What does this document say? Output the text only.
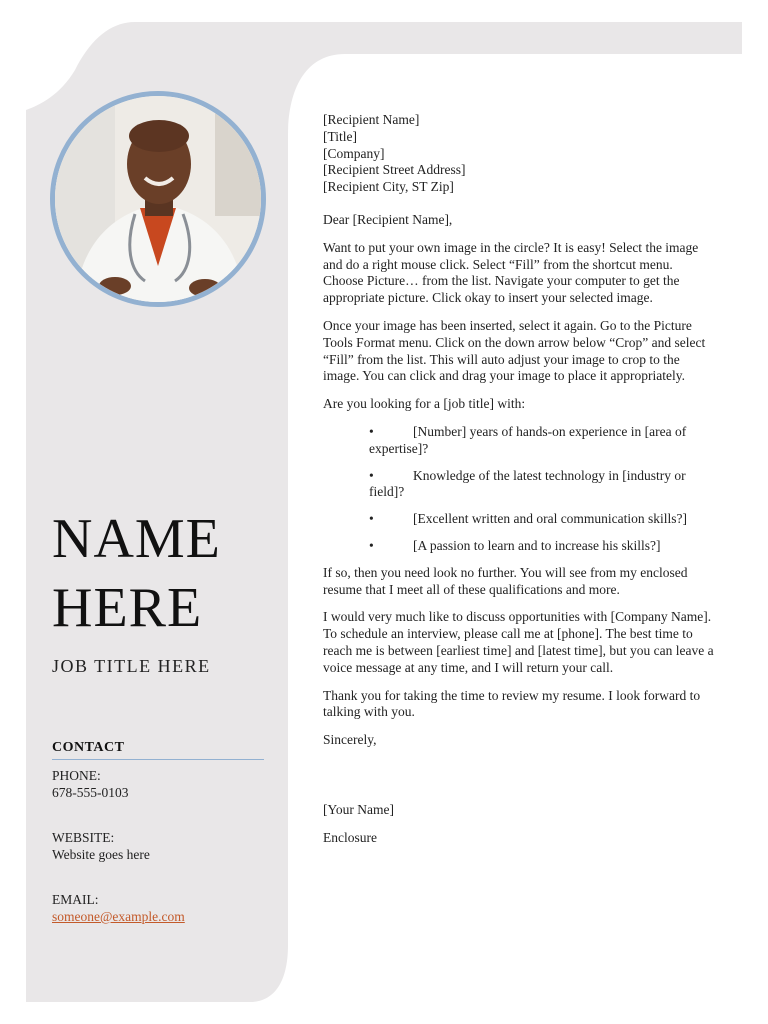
NAME
HERE
JOB TITLE HERE
CONTACT
PHONE:
678-555-0103
WEBSITE:
Website goes here
EMAIL:
someone@example.com
[Recipient Name]
[Title]
[Company]
[Recipient Street Address]
[Recipient City, ST Zip]

Dear [Recipient Name],

Want to put your own image in the circle? It is easy! Select the image and do a right mouse click. Select “Fill” from the shortcut menu. Choose Picture… from the list. Navigate your computer to get the appropriate picture. Click okay to insert your selected image.

Once your image has been inserted, select it again. Go to the Picture Tools Format menu. Click on the down arrow below “Crop” and select “Fill” from the list. This will auto adjust your image to crop to the image. You can click and drag your image to place it appropriately.

Are you looking for a [job title] with:

•	[Number] years of hands-on experience in [area of expertise]?
•	Knowledge of the latest technology in [industry or field]?
•	[Excellent written and oral communication skills?]
•	[A passion to learn and to increase his skills?]

If so, then you need look no further. You will see from my enclosed resume that I meet all of these qualifications and more.

I would very much like to discuss opportunities with [Company Name]. To schedule an interview, please call me at [phone]. The best time to reach me is between [earliest time] and [latest time], but you can leave a voice message at any time, and I will return your call.

Thank you for taking the time to review my resume. I look forward to talking with you.

Sincerely,

[Your Name]

Enclosure
